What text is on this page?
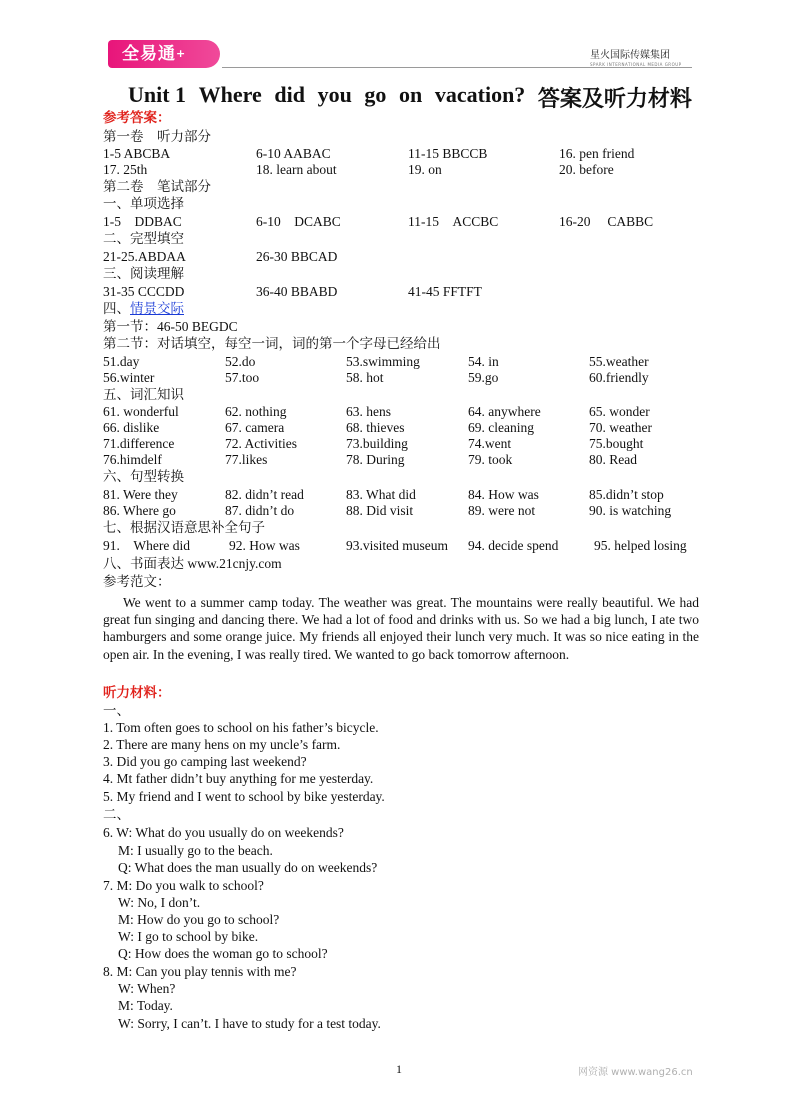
全易通+	星火国际传媒集团
SPARK INTERNATIONAL MEDIA GROUP
Unit 1 Where did you go on vacation? 答案及听力材料
参考答案：
第一卷　听力部分
1-5 ABCBA	6-10 AABAC	11-15 BBCCB	16. pen friend
17. 25th	18. learn about	19. on	20. before
第二卷　笔试部分
一、单项选择
1-5　DDBAC	6-10　DCABC	11-15　ACCBC	16-20　 CABBC
二、完型填空
21-25.ABDAA	26-30 BBCAD
三、阅读理解
31-35 CCCDD	36-40 BBABD	41-45 FFTFT
四、情景交际
第一节：46-50 BEGDC
第二节：对话填空，每空一词，词的第一个字母已经给出
51.day	52.do	53.swimming	54. in	55.weather
56.winter	57.too	58. hot	59.go	60.friendly
五、词汇知识
61. wonderful	62. nothing	63. hens	64. anywhere	65. wonder
66. dislike	67. camera	68. thieves	69. cleaning	70. weather
71.difference	72. Activities	73.building	74.went	75.bought
76.himdelf	77.likes	78. During	79. took	80. Read
六、句型转换
81. Were they	82. didn’t read	83. What did	84. How was	85.didn’t stop
86. Where go	87. didn’t do	88. Did visit	89. were not	90. is watching
七、根据汉语意思补全句子
91.　Where did	92. How was	93.visited museum 94. decide spend	95. helped losing
八、书面表达 www.21cnjy.com
参考范文：
We went to a summer camp today. The weather was great. The mountains were really beautiful. We had great fun singing and dancing there. We had a lot of food and drinks with us. So we had a big lunch, I ate two hamburgers and some orange juice. My friends all enjoyed their lunch very much. It was so nice eating in the open air. In the evening, I was really tired. We wanted to go back tomorrow afternoon.
听力材料：
一、
1. Tom often goes to school on his father’s bicycle.
2. There are many hens on my uncle’s farm.
3. Did you go camping last weekend?
4. Mt father didn’t buy anything for me yesterday.
5. My friend and I went to school by bike yesterday.
二、
6. W: What do you usually do on weekends?
M: I usually go to the beach.
Q: What does the man usually do on weekends?
7. M: Do you walk to school?
W: No, I don’t.
M: How do you go to school?
W: I go to school by bike.
Q: How does the woman go to school?
8. M: Can you play tennis with me?
W: When?
M: Today.
W: Sorry, I can’t. I have to study for a test today.
1	网资源 www.wang26.cn
